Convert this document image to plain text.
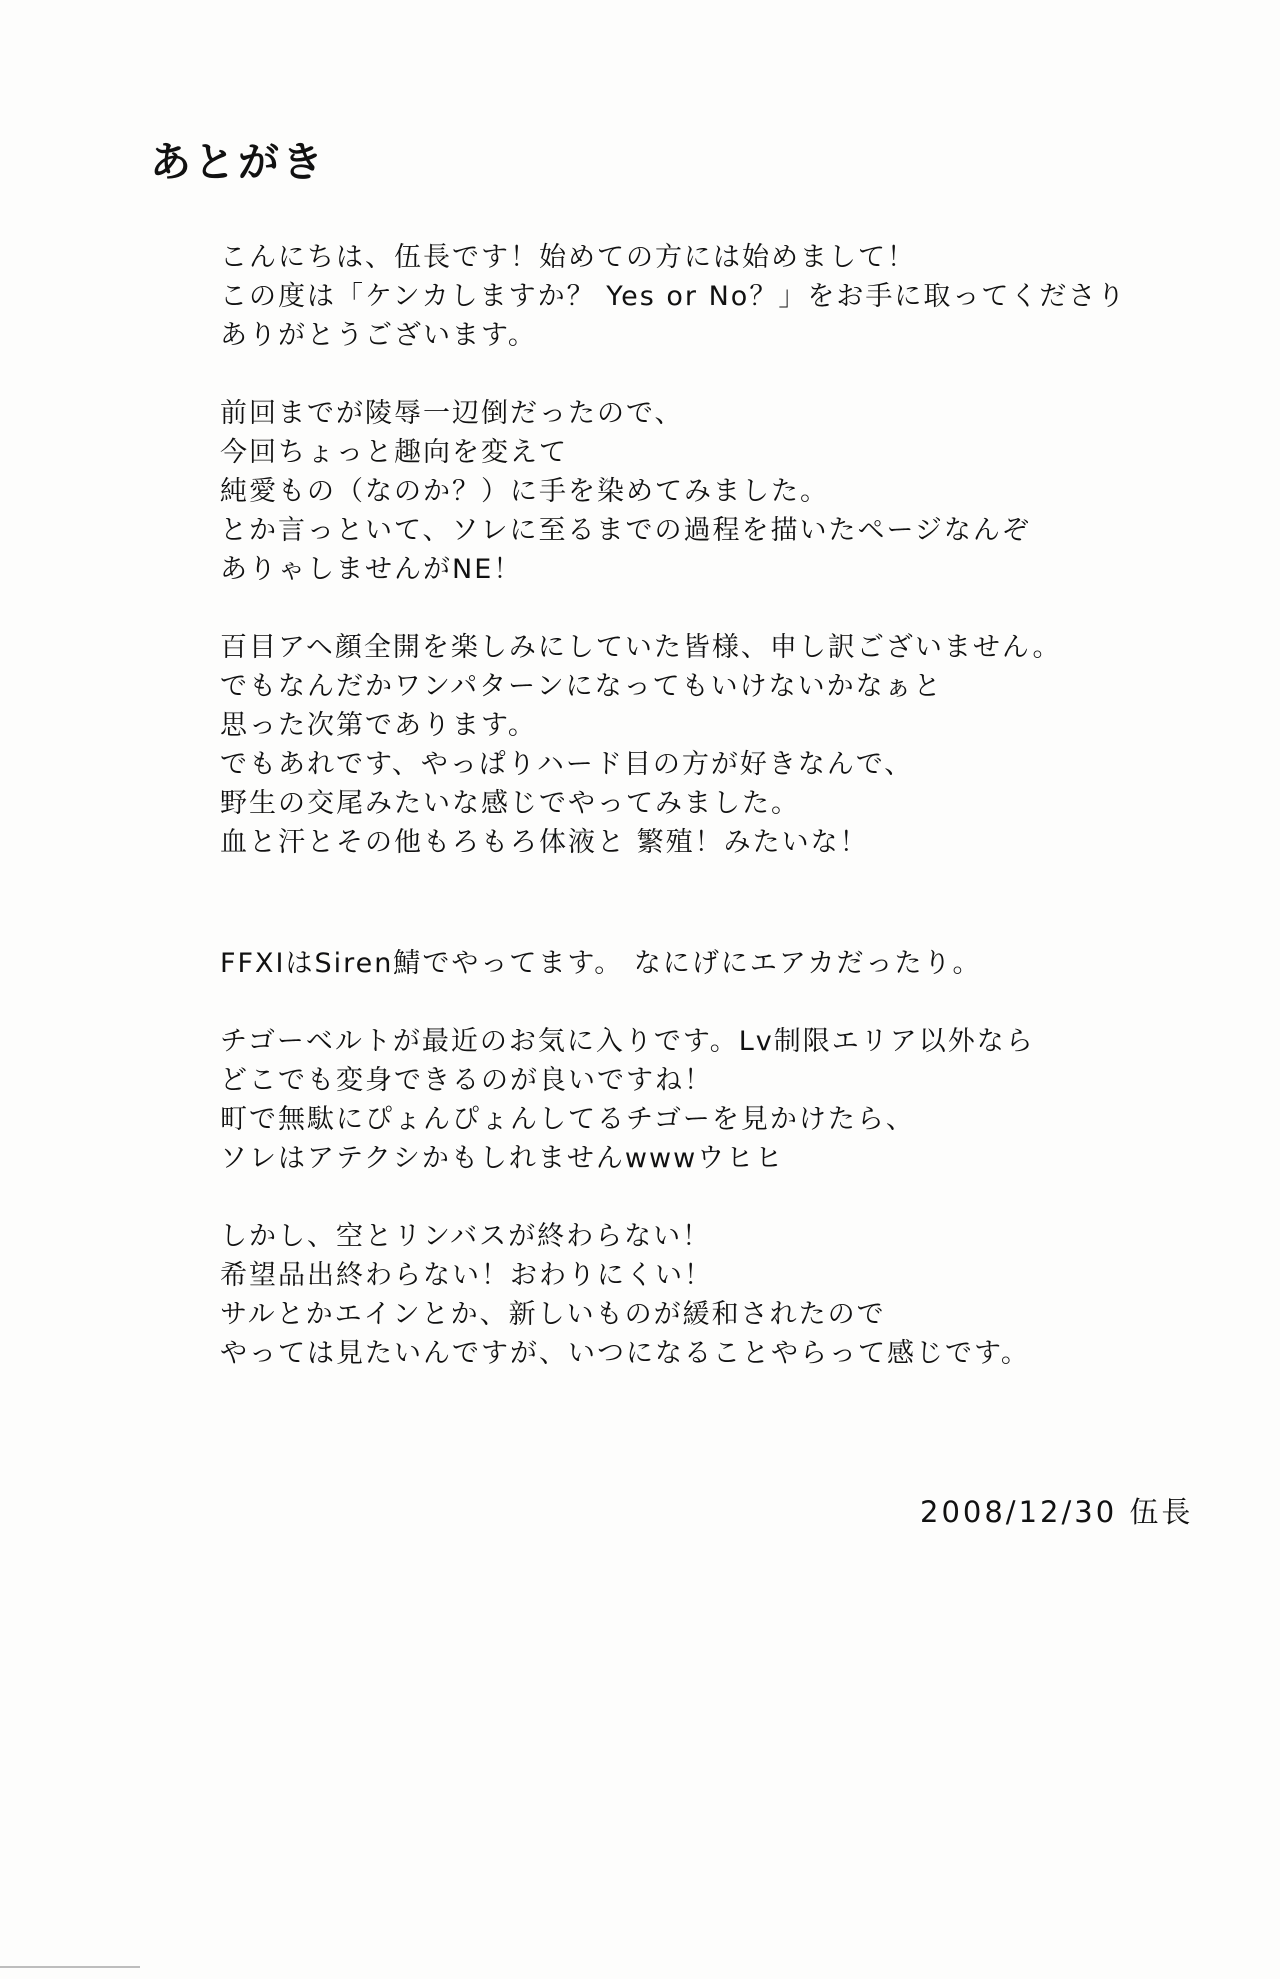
あとがき
こんにちは、伍長です！始めての方には始めまして！
この度は「ケンカしますか？ Yes or No？」をお手に取ってくださり
ありがとうございます。
前回までが陵辱一辺倒だったので、
今回ちょっと趣向を変えて
純愛もの（なのか？）に手を染めてみました。
とか言っといて、ソレに至るまでの過程を描いたページなんぞ
ありゃしませんがNE！
百目アヘ顔全開を楽しみにしていた皆様、申し訳ございません。
でもなんだかワンパターンになってもいけないかなぁと
思った次第であります。
でもあれです、やっぱりハード目の方が好きなんで、
野生の交尾みたいな感じでやってみました。
血と汗とその他もろもろ体液と 繁殖！みたいな！
FFXIはSiren鯖でやってます。 なにげにエアカだったり。
チゴーベルトが最近のお気に入りです。Lv制限エリア以外なら
どこでも変身できるのが良いですね！
町で無駄にぴょんぴょんしてるチゴーを見かけたら、
ソレはアテクシかもしれませんwwwウヒヒ
しかし、空とリンバスが終わらない！
希望品出終わらない！おわりにくい！
サルとかエインとか、新しいものが緩和されたので
やっては見たいんですが、いつになることやらって感じです。
2008/12/30 伍長
